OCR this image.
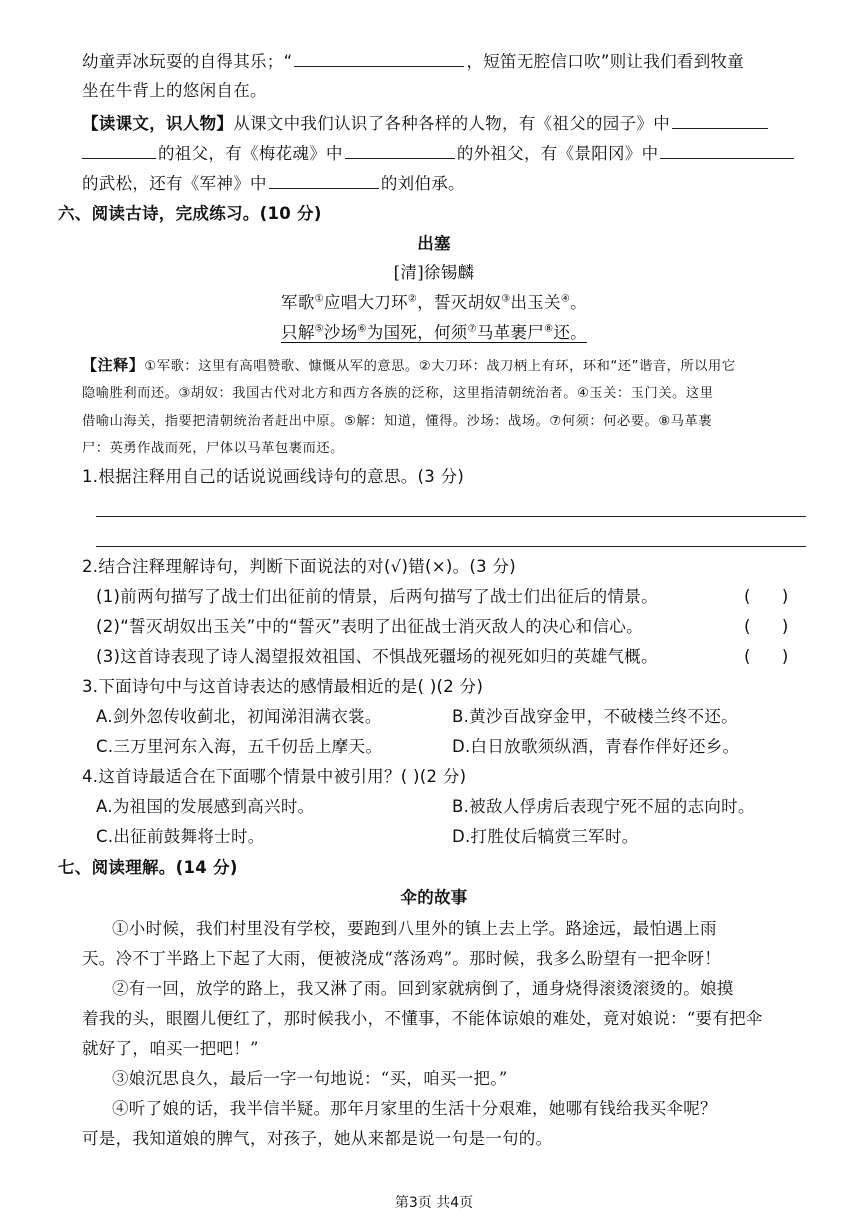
幼童弄冰玩耍的自得其乐；“	，短笛无腔信口吹”则让我们看到牧童
坐在牛背上的悠闲自在。
【读课文，识人物】从课文中我们认识了各种各样的人物，有《祖父的园子》中
的祖父，有《梅花魂》中	的外祖父，有《景阳冈》中
的武松，还有《军神》中	的刘伯承。
六、阅读古诗，完成练习。(10 分)
出塞
[清]徐锡麟
军歌①应唱大刀环②，誓灭胡奴③出玉关④。
只解⑤沙场⑥为国死，何须⑦马革裹尸⑧还。
【注释】①军歌：这里有高唱赞歌、慷慨从军的意思。②大刀环：战刀柄上有环，环和“还”谐音，所以用它
隐喻胜利而还。③胡奴：我国古代对北方和西方各族的泛称，这里指清朝统治者。④玉关：玉门关。这里
借喻山海关，指要把清朝统治者赶出中原。⑤解：知道，懂得。沙场：战场。⑦何须：何必要。⑧马革裹
尸：英勇作战而死，尸体以马革包裹而还。
1.根据注释用自己的话说说画线诗句的意思。(3 分)
2.结合注释理解诗句，判断下面说法的对(√)错(×)。(3 分)
(1)前两句描写了战士们出征前的情景，后两句描写了战士们出征后的情景。	(      )
(2)“誓灭胡奴出玉关”中的“誓灭”表明了出征战士消灭敌人的决心和信心。	(      )
(3)这首诗表现了诗人渴望报效祖国、不惧战死疆场的视死如归的英雄气概。	(      )
3.下面诗句中与这首诗表达的感情最相近的是( )(2 分)
A.剑外忽传收蓟北，初闻涕泪满衣裳。	B.黄沙百战穿金甲，不破楼兰终不还。
C.三万里河东入海，五千仞岳上摩天。	D.白日放歌须纵酒，青春作伴好还乡。
4.这首诗最适合在下面哪个情景中被引用？( )(2 分)
A.为祖国的发展感到高兴时。	B.被敌人俘虏后表现宁死不屈的志向时。
C.出征前鼓舞将士时。	D.打胜仗后犒赏三军时。
七、阅读理解。(14 分)
伞的故事
①小时候，我们村里没有学校，要跑到八里外的镇上去上学。路途远，最怕遇上雨
天。冷不丁半路上下起了大雨，便被浇成“落汤鸡”。那时候，我多么盼望有一把伞呀！
②有一回，放学的路上，我又淋了雨。回到家就病倒了，通身烧得滚烫滚烫的。娘摸
着我的头，眼圈儿便红了，那时候我小，不懂事，不能体谅娘的难处，竟对娘说：“要有把伞
就好了，咱买一把吧！”
③娘沉思良久，最后一字一句地说：“买，咱买一把。”
④听了娘的话，我半信半疑。那年月家里的生活十分艰难，她哪有钱给我买伞呢？
可是，我知道娘的脾气，对孩子，她从来都是说一句是一句的。
第3页 共4页
